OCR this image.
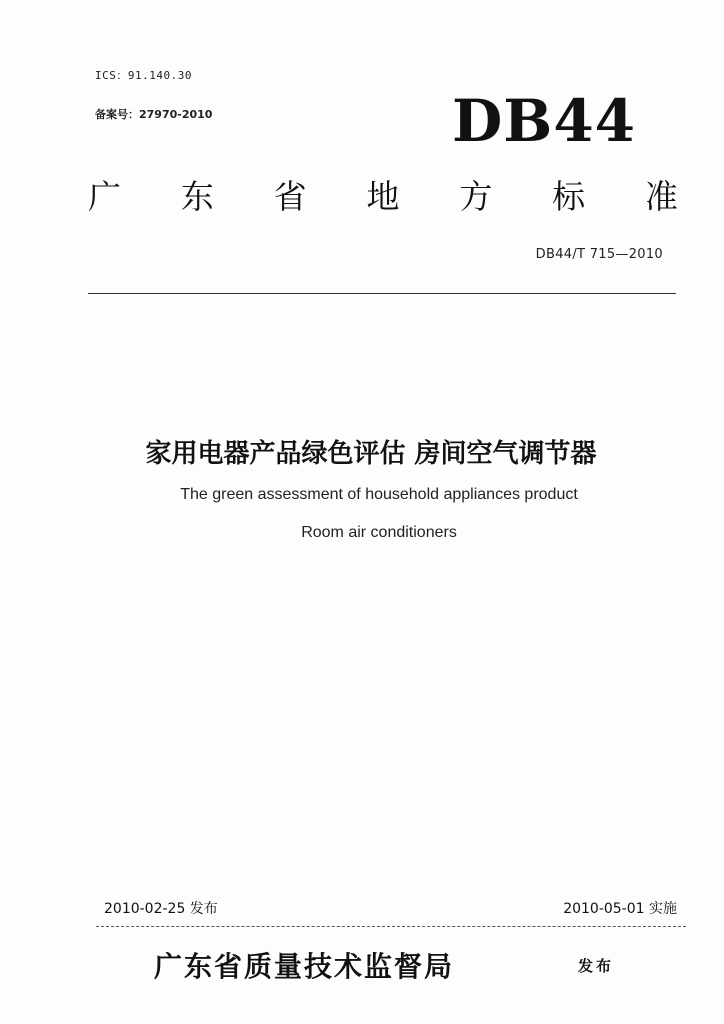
ICS：91.140.30
备案号：27970-2010	DB44
广 东 省 地 方 标 准
DB44/T 715—2010
家用电器产品绿色评估 房间空气调节器
The green assessment of household appliances product
Room air conditioners
2010-02-25 发布	2010-05-01 实施
广东省质量技术监督局	发布
